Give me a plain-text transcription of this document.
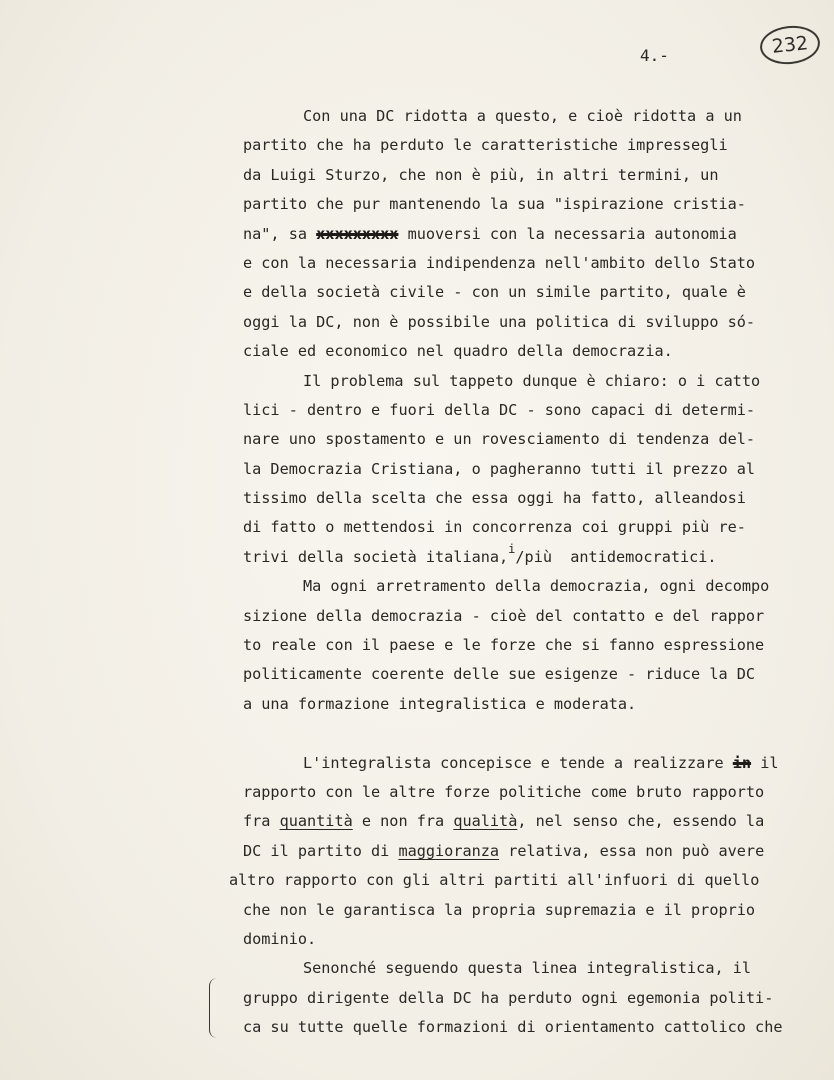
232
4.-
Con una DC ridotta a questo, e cioè ridotta a un
partito che ha perduto le caratteristiche impressegli
da Luigi Sturzo, che non è più, in altri termini, un
partito che pur mantenendo la sua "ispirazione cristia-
na", sa xxxxxxxxx muoversi con la necessaria autonomia
e con la necessaria indipendenza nell'ambito dello Stato
e della società civile - con un simile partito, quale è
oggi la DC, non è possibile una politica di sviluppo só-
ciale ed economico nel quadro della democrazia.
Il problema sul tappeto dunque è chiaro: o i catto
lici - dentro e fuori della DC - sono capaci di determi-
nare uno spostamento e un rovesciamento di tendenza del-
la Democrazia Cristiana, o pagheranno tutti il prezzo al
tissimo della scelta che essa oggi ha fatto, alleandosi
di fatto o mettendosi in concorrenza coi gruppi più re-
trivi della società italiana,$^i$/più  antidemocratici.
Ma ogni arretramento della democrazia, ogni decompo
sizione della democrazia - cioè del contatto e del rappor
to reale con il paese e le forze che si fanno espressione
politicamente coerente delle sue esigenze - riduce la DC
a una formazione integralistica e moderata.
L'integralista concepisce e tende a realizzare in il
rapporto con le altre forze politiche come bruto rapporto
fra quantità e non fra qualità, nel senso che, essendo la
DC il partito di maggioranza relativa, essa non può avere
altro rapporto con gli altri partiti all'infuori di quello
che non le garantisca la propria supremazia e il proprio
dominio.
Senonché seguendo questa linea integralistica, il
gruppo dirigente della DC ha perduto ogni egemonia politi-
ca su tutte quelle formazioni di orientamento cattolico che
